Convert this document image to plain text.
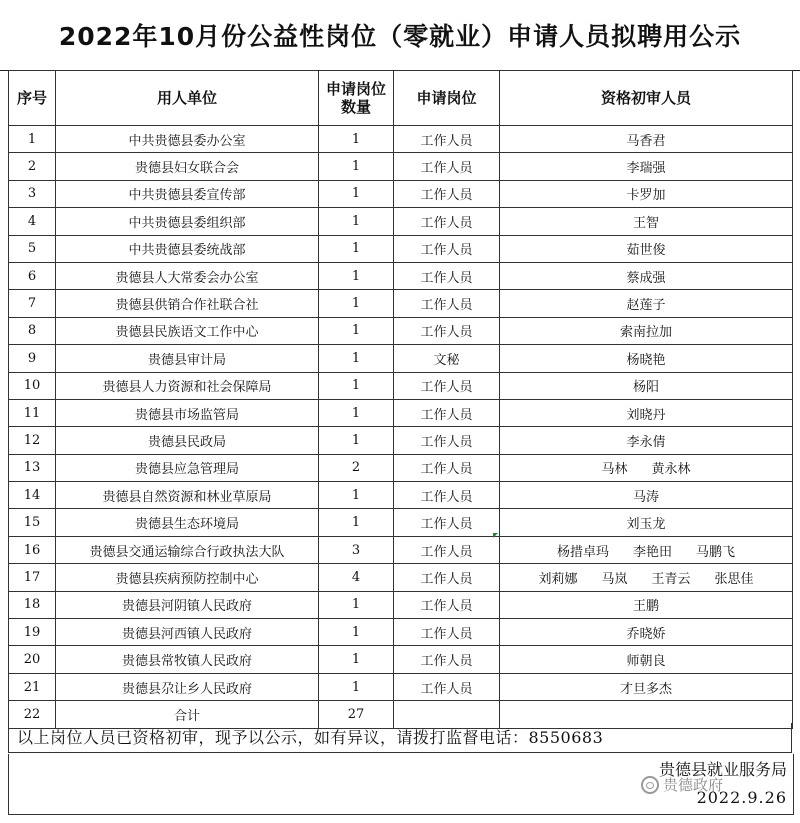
2022年10月份公益性岗位（零就业）申请人员拟聘用公示
序号	用人单位	申请岗位数量	申请岗位	资格初审人员
1	中共贵德县委办公室	1	工作人员	马香君
2	贵德县妇女联合会	1	工作人员	李瑞强
3	中共贵德县委宣传部	1	工作人员	卡罗加
4	中共贵德县委组织部	1	工作人员	王智
5	中共贵德县委统战部	1	工作人员	茹世俊
6	贵德县人大常委会办公室	1	工作人员	蔡成强
7	贵德县供销合作社联合社	1	工作人员	赵莲子
8	贵德县民族语文工作中心	1	工作人员	索南拉加
9	贵德县审计局	1	文秘	杨晓艳
10	贵德县人力资源和社会保障局	1	工作人员	杨阳
11	贵德县市场监管局	1	工作人员	刘晓丹
12	贵德县民政局	1	工作人员	李永倩
13	贵德县应急管理局	2	工作人员	马林 黄永林
14	贵德县自然资源和林业草原局	1	工作人员	马涛
15	贵德县生态环境局	1	工作人员	刘玉龙
16	贵德县交通运输综合行政执法大队	3	工作人员	杨措卓玛 李艳田 马鹏飞
17	贵德县疾病预防控制中心	4	工作人员	刘莉娜 马岚 王青云 张思佳
18	贵德县河阴镇人民政府	1	工作人员	王鹏
19	贵德县河西镇人民政府	1	工作人员	乔晓娇
20	贵德县常牧镇人民政府	1	工作人员	师朝良
21	贵德县尕让乡人民政府	1	工作人员	才旦多杰
22	合计	27		
以上岗位人员已资格初审，现予以公示，如有异议，请拨打监督电话：8550683
贵德县就业服务局
贵德政府
2022.9.26
